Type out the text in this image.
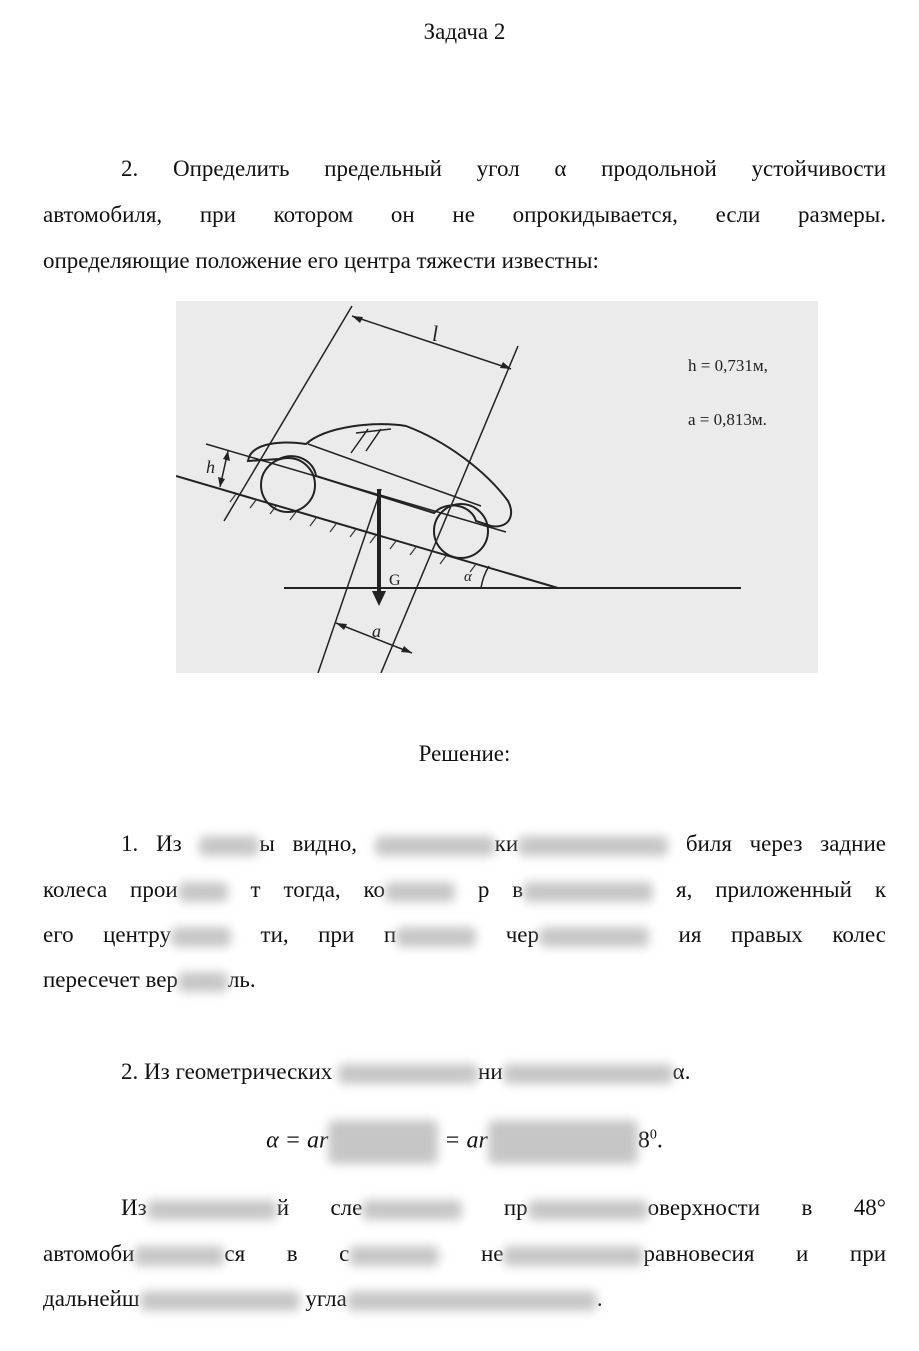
Задача 2
2. Определить предельный угол α продольной устойчивости
автомобиля, при котором он не опрокидывается, если размеры.
определяющие положение его центра тяжести известны:
h
l
a
G	α
h = 0,731м,
a = 0,813м.
Решение:
1. Из	ы видно,	ки	биля через задние
колеса прои	т тогда, ко	р в	я, приложенный к
его центру	ти, при п	чер	ия правых колес
пересечет вер ль.
2. Из геометрических	ни	α.
α = ar	= ar	$8^0$.
Из	й сле	пр	оверхности в 48°
автомоби	ся в с	не	равновесия и при
дальнейш	угла	.
